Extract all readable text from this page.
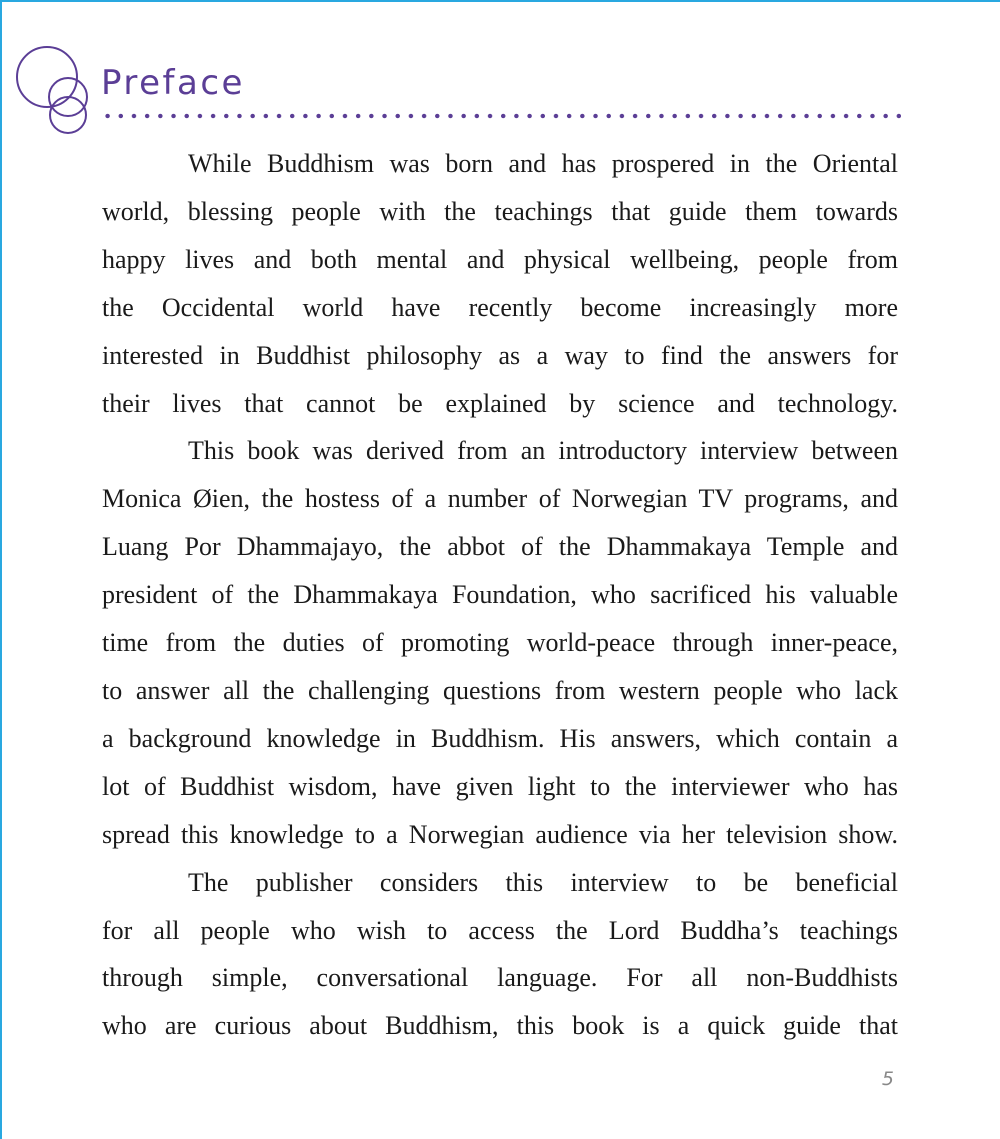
Preface

While Buddhism was born and has prospered in the Oriental

world, blessing people with the teachings that guide them towards

happy lives and both mental and physical wellbeing, people from

the Occidental world have recently become increasingly more

interested in Buddhist philosophy as a way to find the answers for

their lives that cannot be explained by science and technology.

This book was derived from an introductory interview between

Monica Øien, the hostess of a number of Norwegian TV programs, and

Luang Por Dhammajayo, the abbot of the Dhammakaya Temple and

president of the Dhammakaya Foundation, who sacrificed his valuable

time from the duties of promoting world-peace through inner-peace,

to answer all the challenging questions from western people who lack

a background knowledge in Buddhism. His answers, which contain a

lot of Buddhist wisdom, have given light to the interviewer who has

spread this knowledge to a Norwegian audience via her television show.

The publisher considers this interview to be beneficial

for all people who wish to access the Lord Buddha’s teachings

through simple, conversational language. For all non-Buddhists

who are curious about Buddhism, this book is a quick guide that

5
